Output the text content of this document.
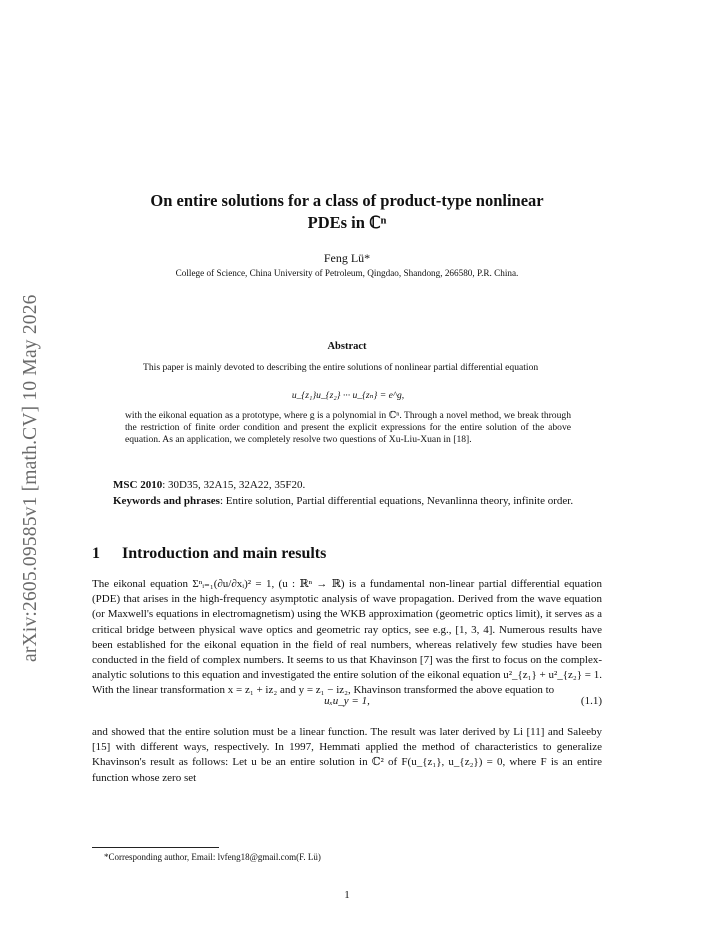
arXiv:2605.09585v1 [math.CV] 10 May 2026
On entire solutions for a class of product-type nonlinear
PDEs in ℂⁿ
Feng Lü*
College of Science, China University of Petroleum, Qingdao, Shandong, 266580, P.R. China.
Abstract
This paper is mainly devoted to describing the entire solutions of nonlinear partial differential equation
u_{z₁}u_{z₂} ··· u_{zₙ} = e^g,
with the eikonal equation as a prototype, where g is a polynomial in ℂⁿ. Through a novel method, we break through the restriction of finite order condition and present the explicit expressions for the entire solution of the above equation. As an application, we completely resolve two questions of Xu-Liu-Xuan in [18].
MSC 2010: 30D35, 32A15, 32A22, 35F20.
Keywords and phrases: Entire solution, Partial differential equations, Nevanlinna theory, infinite order.
1 Introduction and main results
The eikonal equation Σⁿᵢ₌₁(∂u/∂xᵢ)² = 1, (u : ℝⁿ → ℝ) is a fundamental non-linear partial differential equation (PDE) that arises in the high-frequency asymptotic analysis of wave propagation. Derived from the wave equation (or Maxwell's equations in electromagnetism) using the WKB approximation (geometric optics limit), it serves as a critical bridge between physical wave optics and geometric ray optics, see e.g., [1, 3, 4]. Numerous results have been established for the eikonal equation in the field of real numbers, whereas relatively few studies have been conducted in the field of complex numbers. It seems to us that Khavinson [7] was the first to focus on the complex-analytic solutions to this equation and investigated the entire solution of the eikonal equation u²_{z₁} + u²_{z₂} = 1. With the linear transformation x = z₁ + iz₂ and y = z₁ − iz₂, Khavinson transformed the above equation to
uₓu_y = 1,	(1.1)
and showed that the entire solution must be a linear function. The result was later derived by Li [11] and Saleeby [15] with different ways, respectively. In 1997, Hemmati applied the method of characteristics to generalize Khavinson's result as follows: Let u be an entire solution in ℂ² of F(u_{z₁}, u_{z₂}) = 0, where F is an entire function whose zero set
*Corresponding author, Email: lvfeng18@gmail.com(F. Lü)
1
